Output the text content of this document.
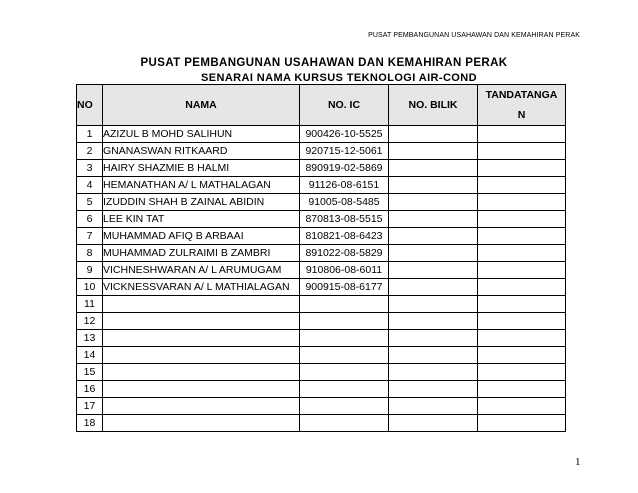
PUSAT PEMBANGUNAN USAHAWAN DAN KEMAHIRAN PERAK
PUSAT PEMBANGUNAN USAHAWAN DAN KEMAHIRAN PERAK
SENARAI NAMA KURSUS TEKNOLOGI AIR-COND
NO	NAMA	NO. IC	NO. BILIK	TANDATANGA
N
1	AZIZUL B MOHD SALIHUN	900426-10-5525		
2	GNANASWAN RITKAARD	920715-12-5061		
3	HAIRY SHAZMIE B HALMI	890919-02-5869		
4	HEMANATHAN A/ L MATHALAGAN	91126-08-6151		
5	IZUDDIN SHAH B ZAINAL ABIDIN	91005-08-5485		
6	LEE KIN TAT	870813-08-5515		
7	MUHAMMAD AFIQ B ARBAAI	810821-08-6423		
8	MUHAMMAD ZULRAIMI B ZAMBRI	891022-08-5829		
9	VICHNESHWARAN A/ L ARUMUGAM	910806-08-6011		
10	VICKNESSVARAN A/ L MATHIALAGAN	900915-08-6177		
11				
12				
13				
14				
15				
16				
17				
18				
1
